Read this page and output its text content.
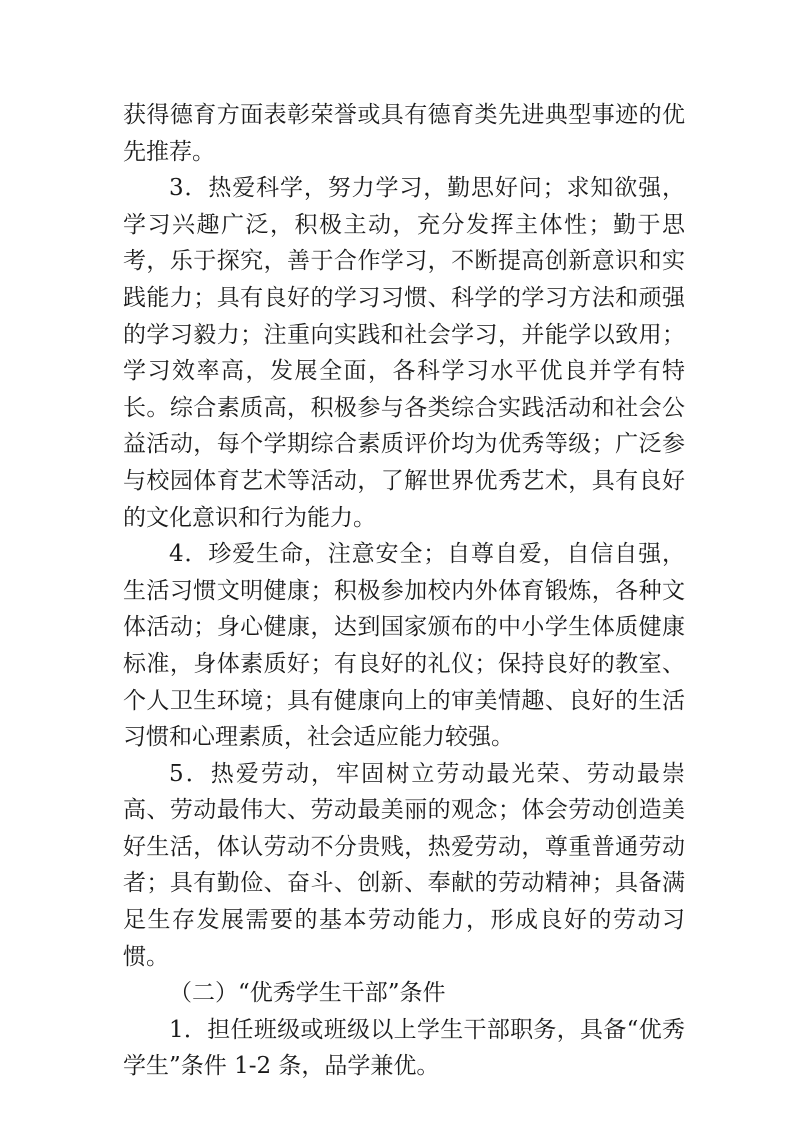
获得德育方面表彰荣誉或具有德育类先进典型事迹的优先推荐。

3．热爱科学，努力学习，勤思好问；求知欲强，学习兴趣广泛，积极主动，充分发挥主体性；勤于思考，乐于探究，善于合作学习，不断提高创新意识和实践能力；具有良好的学习习惯、科学的学习方法和顽强的学习毅力；注重向实践和社会学习，并能学以致用；学习效率高，发展全面，各科学习水平优良并学有特长。综合素质高，积极参与各类综合实践活动和社会公益活动，每个学期综合素质评价均为优秀等级；广泛参与校园体育艺术等活动，了解世界优秀艺术，具有良好的文化意识和行为能力。

4．珍爱生命，注意安全；自尊自爱，自信自强，生活习惯文明健康；积极参加校内外体育锻炼，各种文体活动；身心健康，达到国家颁布的中小学生体质健康标准，身体素质好；有良好的礼仪；保持良好的教室、个人卫生环境；具有健康向上的审美情趣、良好的生活习惯和心理素质，社会适应能力较强。

5．热爱劳动，牢固树立劳动最光荣、劳动最崇高、劳动最伟大、劳动最美丽的观念；体会劳动创造美好生活，体认劳动不分贵贱，热爱劳动，尊重普通劳动者；具有勤俭、奋斗、创新、奉献的劳动精神；具备满足生存发展需要的基本劳动能力，形成良好的劳动习惯。

（二）“优秀学生干部”条件

1．担任班级或班级以上学生干部职务，具备“优秀学生”条件 1-2 条，品学兼优。
